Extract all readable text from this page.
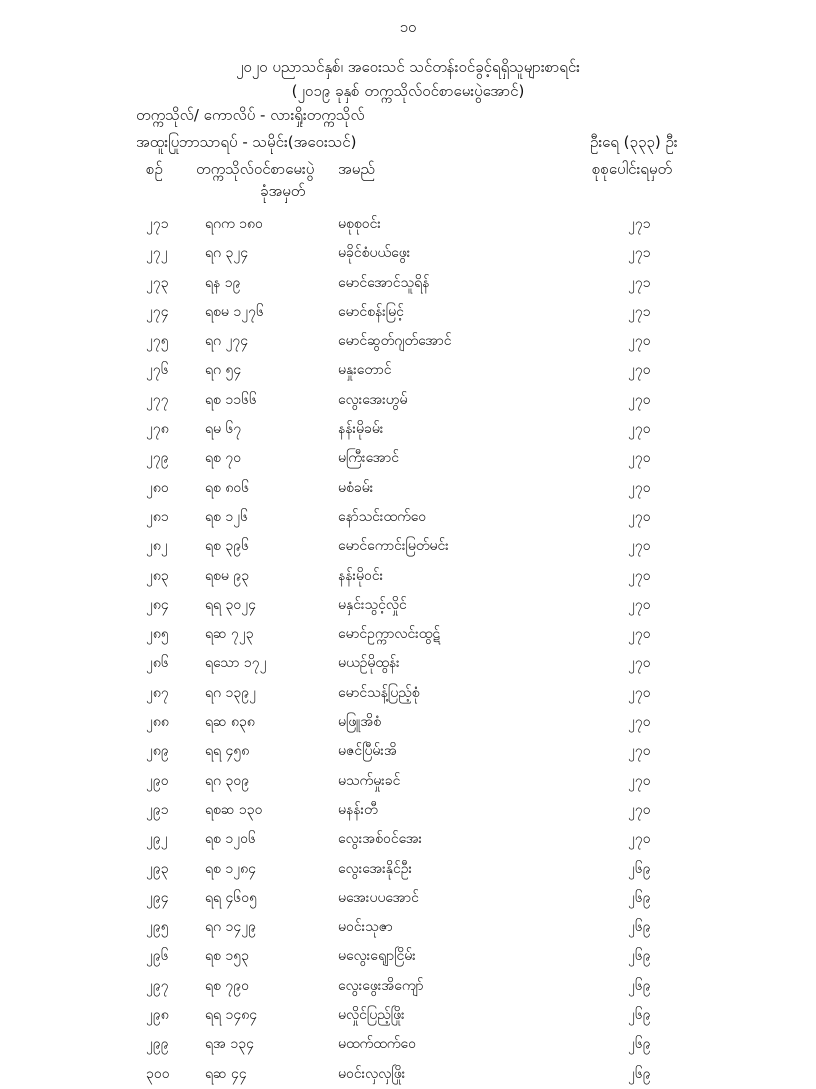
၁၀
၂၀၂၀ ပညာသင်နှစ်၊ အဝေးသင် သင်တန်းဝင်ခွင့်ရရှိသူများစာရင်း
(၂၀၁၉ ခုနှစ် တက္ကသိုလ်ဝင်စာမေးပွဲအောင်)
တက္ကသိုလ်/ ကောလိပ် - လားရှိုးတက္ကသိုလ်
အထူးပြုဘာသာရပ် - သမိုင်း(အဝေးသင်)	ဦးရေ (၃၃၃) ဦး
စဉ် တက္ကသိုလ်ဝင်စာမေးပွဲ
ခုံအမှတ်
အမည်	စုစုပေါင်းရမှတ်
၂၇၁	ရဂက ၁၈၀	မစုစုဝင်း	၂၇၁
၂၇၂	ရဂ ၃၂၄	မခိုင်စံပယ်ဖွေး	၂၇၁
၂၇၃	ရန ၁၉	မောင်အောင်သူရိန်	၂၇၁
၂၇၄	ရစမ ၁၂၇၆	မောင်စန်းမြင့်	၂၇၁
၂၇၅	ရဂ ၂၇၄	မောင်ဆွတ်ဂျတ်အောင်	၂၇၀
၂၇၆	ရဂ ၅၄	မနှုးတောင်	၂၇၀
၂၇၇	ရစ ၁၁၆၆	လွေးအေးဟွမ်	၂၇၀
၂၇၈	ရမ ၆၇	နန်းမိုခမ်း	၂၇၀
၂၇၉	ရစ ၇၀	မကြီးအောင်	၂၇၀
၂၈၀	ရစ ၈၀၆	မစံခမ်း	၂၇၀
၂၈၁	ရစ ၁၂၆	နော်သင်းထက်ဝေ	၂၇၀
၂၈၂	ရစ ၃၉၆	မောင်ကောင်းမြတ်မင်း	၂၇၀
၂၈၃	ရစမ ၉၃	နန်းမိုဝင်း	၂၇၀
၂၈၄	ရရ ၃၀၂၄	မနှင်းသွင့်လှိုင်	၂၇၀
၂၈၅	ရဆ ၇၂၃	မောင်ဥက္ကာလင်းထွဋ်	၂၇၀
၂၈၆	ရသော ၁၇၂	မယဉ်မိုထွန်း	၂၇၀
၂၈၇	ရဂ ၁၃၉၂	မောင်သန့်ပြည့်စုံ	၂၇၀
၂၈၈	ရဆ ၈၃၈	မဖြူအိစံ	၂၇၀
၂၈၉	ရရ ၄၅၈	မဇင်ပြီမ်းအိ	၂၇၀
၂၉၀	ရဂ ၃၀၉	မသက်မှုးခင်	၂၇၀
၂၉၁	ရစဆ ၁၃၀	မနန်းတီ	၂၇၀
၂၉၂	ရစ ၁၂၀၆	လွေးအစ်ဝင်အေး	၂၇၀
၂၉၃	ရစ ၁၂၈၄	လွေးအေးနိုင်ဦး	၂၆၉
၂၉၄	ရရ ၄၆၀၅	မအေးပပအောင်	၂၆၉
၂၉၅	ရဂ ၁၄၂၉	မဝင်းသုဇာ	၂၆၉
၂၉၆	ရစ ၁၅၃	မလွေးရျောငြိမ်း	၂၆၉
၂၉၇	ရစ ၇၉၀	လွေးဖွေးအိကျော်	၂၆၉
၂၉၈	ရရ ၁၄၈၄	မလှိုင်ပြည့်ဖြိုး	၂၆၉
၂၉၉	ရအ ၁၃၄	မထက်ထက်ဝေ	၂၆၉
၃၀၀	ရဆ ၄၄	မဝင်းလှလှဖြိုး	၂၆၉
